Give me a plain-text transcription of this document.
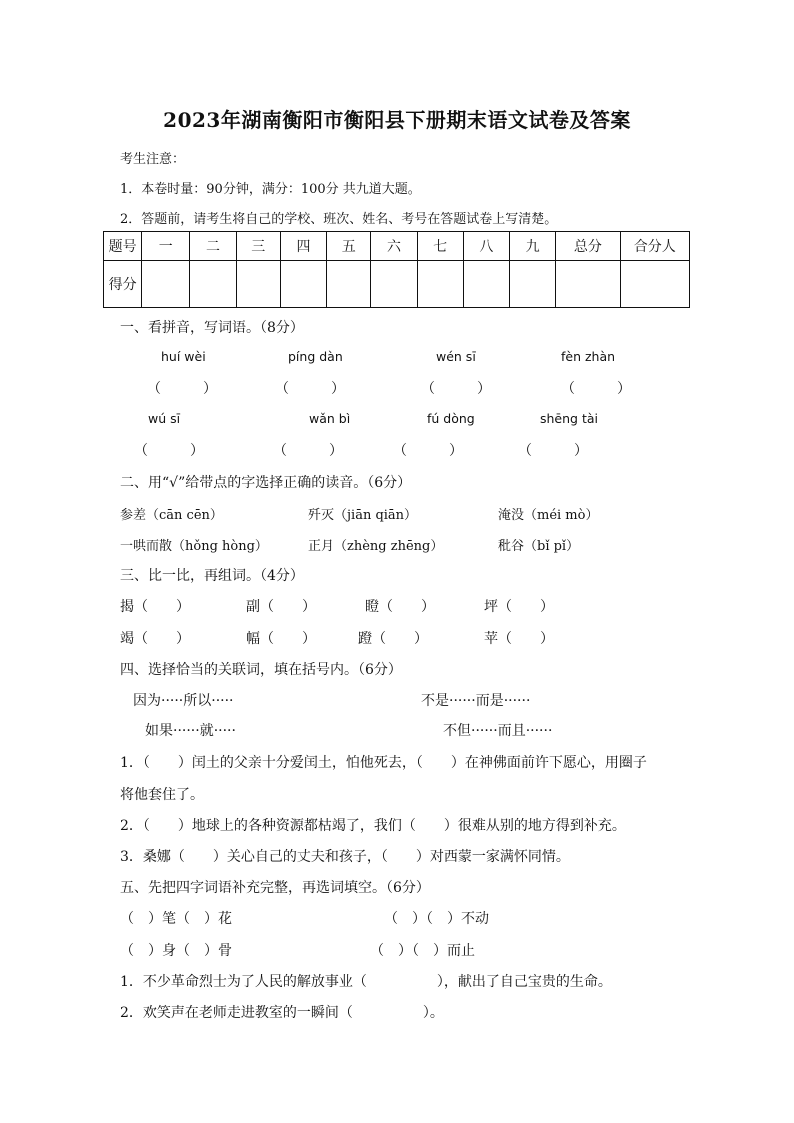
2023年湖南衡阳市衡阳县下册期末语文试卷及答案
考生注意：
1．本卷时量：90分钟，满分：100分 共九道大题。
2．答题前，请考生将自己的学校、班次、姓名、考号在答题试卷上写清楚。
题号	一	二	三	四	五	六	七	八	九	总分	合分人
得分											
一、看拼音，写词语。（8分）
huí wèi	píng dàn	wén sī	fèn zhàn
（　　　）	（　　　）	（　　　）	（　　　）
wú sī	wǎn bì	fú dòng	shēng tài
（　　　）	（　　　）	（　　　）	（　　　）
二、用“√”给带点的字选择正确的读音。（6分）
参差（cān cēn）	歼灭（jiān qiān）	淹没（méi mò）
一哄而散（hǒng hòng）	正月（zhèng zhēng）	秕谷（bǐ pǐ）
三、比一比，再组词。（4分）
揭（　　）	副（　　）	瞪（　　）	坪（　　）
竭（　　）	幅（　　）	蹬（　　）	苹（　　）
四、选择恰当的关联词，填在括号内。（6分）
因为·····所以·····	不是······而是······
如果······就·····	不但······而且······
1．（　　）闰土的父亲十分爱闰土，怕他死去，（　　）在神佛面前许下愿心，用圈子
将他套住了。
2．（　　）地球上的各种资源都枯竭了，我们（　　）很难从别的地方得到补充。
3．桑娜（　　）关心自己的丈夫和孩子，（　　）对西蒙一家满怀同情。
五、先把四字词语补充完整，再选词填空。（6分）
（　）笔（　）花	（　）（　）不动
（　）身（　）骨	（　）（　）而止
1．不少革命烈士为了人民的解放事业（　　　　　），献出了自己宝贵的生命。
2．欢笑声在老师走进教室的一瞬间（　　　　　）。
